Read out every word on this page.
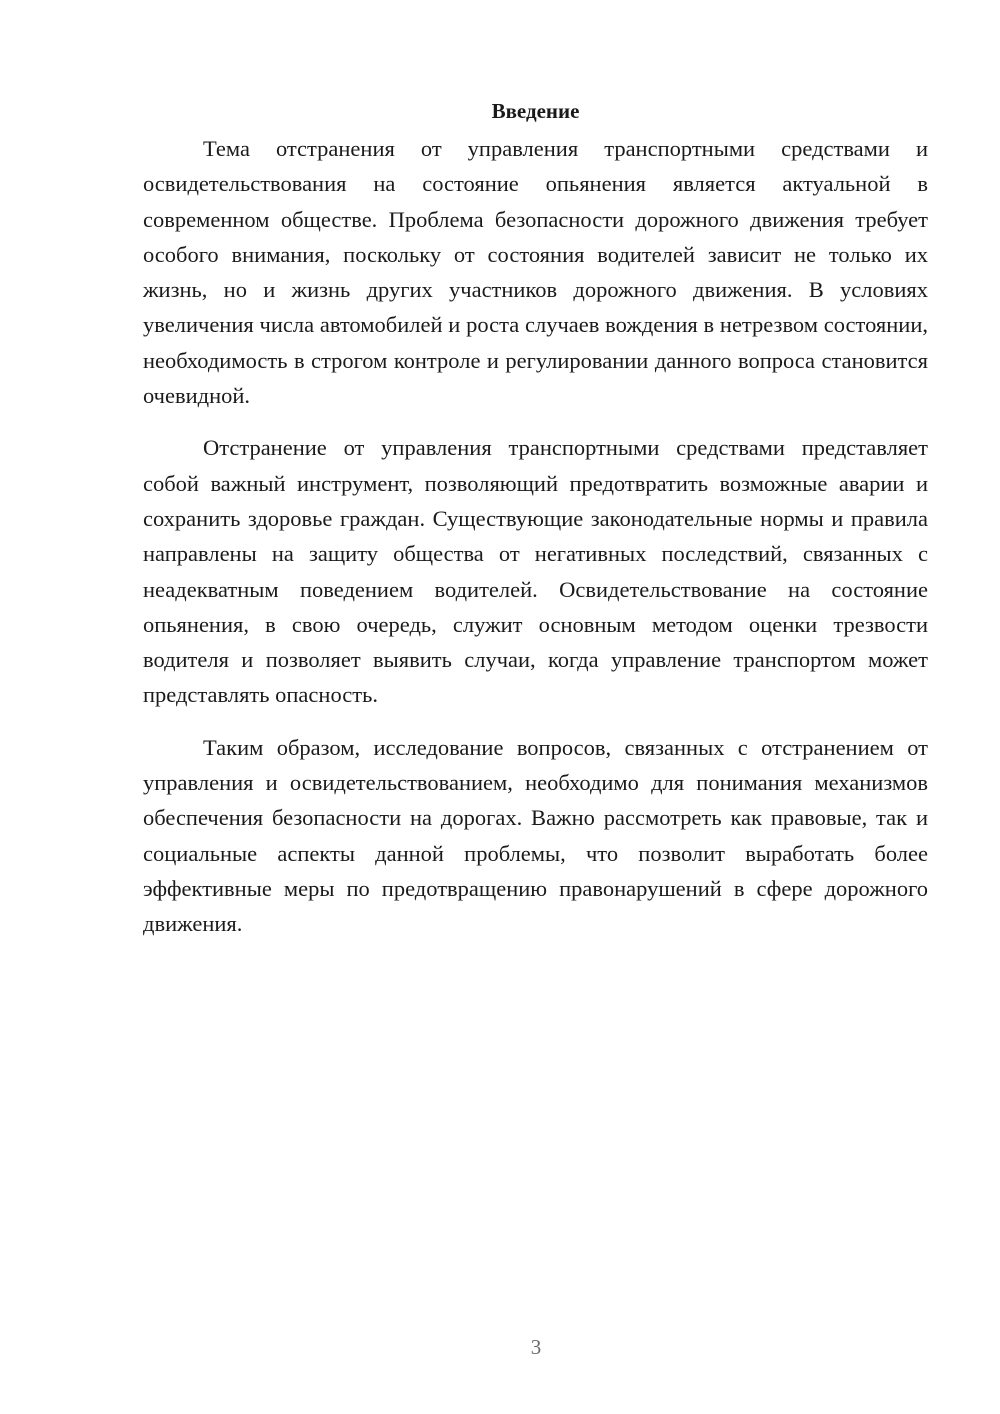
Введение

Тема отстранения от управления транспортными средствами и освидетельствования на состояние опьянения является актуальной в современном обществе. Проблема безопасности дорожного движения требует особого внимания, поскольку от состояния водителей зависит не только их жизнь, но и жизнь других участников дорожного движения. В условиях увеличения числа автомобилей и роста случаев вождения в нетрезвом состоянии, необходимость в строгом контроле и регулировании данного вопроса становится очевидной.

Отстранение от управления транспортными средствами представляет собой важный инструмент, позволяющий предотвратить возможные аварии и сохранить здоровье граждан. Существующие законодательные нормы и правила направлены на защиту общества от негативных последствий, связанных с неадекватным поведением водителей. Освидетельствование на состояние опьянения, в свою очередь, служит основным методом оценки трезвости водителя и позволяет выявить случаи, когда управление транспортом может представлять опасность.

Таким образом, исследование вопросов, связанных с отстранением от управления и освидетельствованием, необходимо для понимания механизмов обеспечения безопасности на дорогах. Важно рассмотреть как правовые, так и социальные аспекты данной проблемы, что позволит выработать более эффективные меры по предотвращению правонарушений в сфере дорожного движения.

3
